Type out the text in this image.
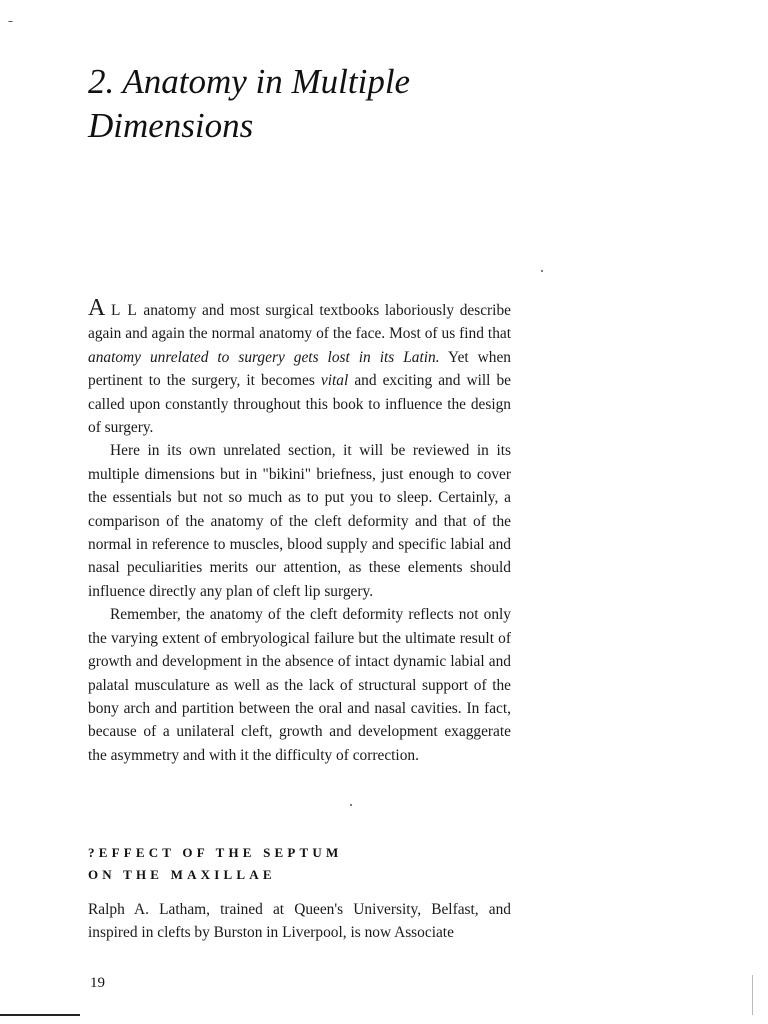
2. Anatomy in Multiple
Dimensions

A L L anatomy and most surgical textbooks laboriously describe again and again the normal anatomy of the face. Most of us find that anatomy unrelated to surgery gets lost in its Latin. Yet when pertinent to the surgery, it becomes vital and exciting and will be called upon constantly throughout this book to influence the design of surgery.

Here in its own unrelated section, it will be reviewed in its multiple dimensions but in "bikini" briefness, just enough to cover the essentials but not so much as to put you to sleep. Certainly, a comparison of the anatomy of the cleft deformity and that of the normal in reference to muscles, blood supply and specific labial and nasal peculiarities merits our attention, as these elements should influence directly any plan of cleft lip surgery.

Remember, the anatomy of the cleft deformity reflects not only the varying extent of embryological failure but the ultimate result of growth and development in the absence of intact dynamic labial and palatal musculature as well as the lack of structural support of the bony arch and partition between the oral and nasal cavities. In fact, because of a unilateral cleft, growth and development exaggerate the asymmetry and with it the difficulty of correction.

?EFFECT OF THE SEPTUM
ON THE MAXILLAE

Ralph A. Latham, trained at Queen's University, Belfast, and inspired in clefts by Burston in Liverpool, is now Associate

19
